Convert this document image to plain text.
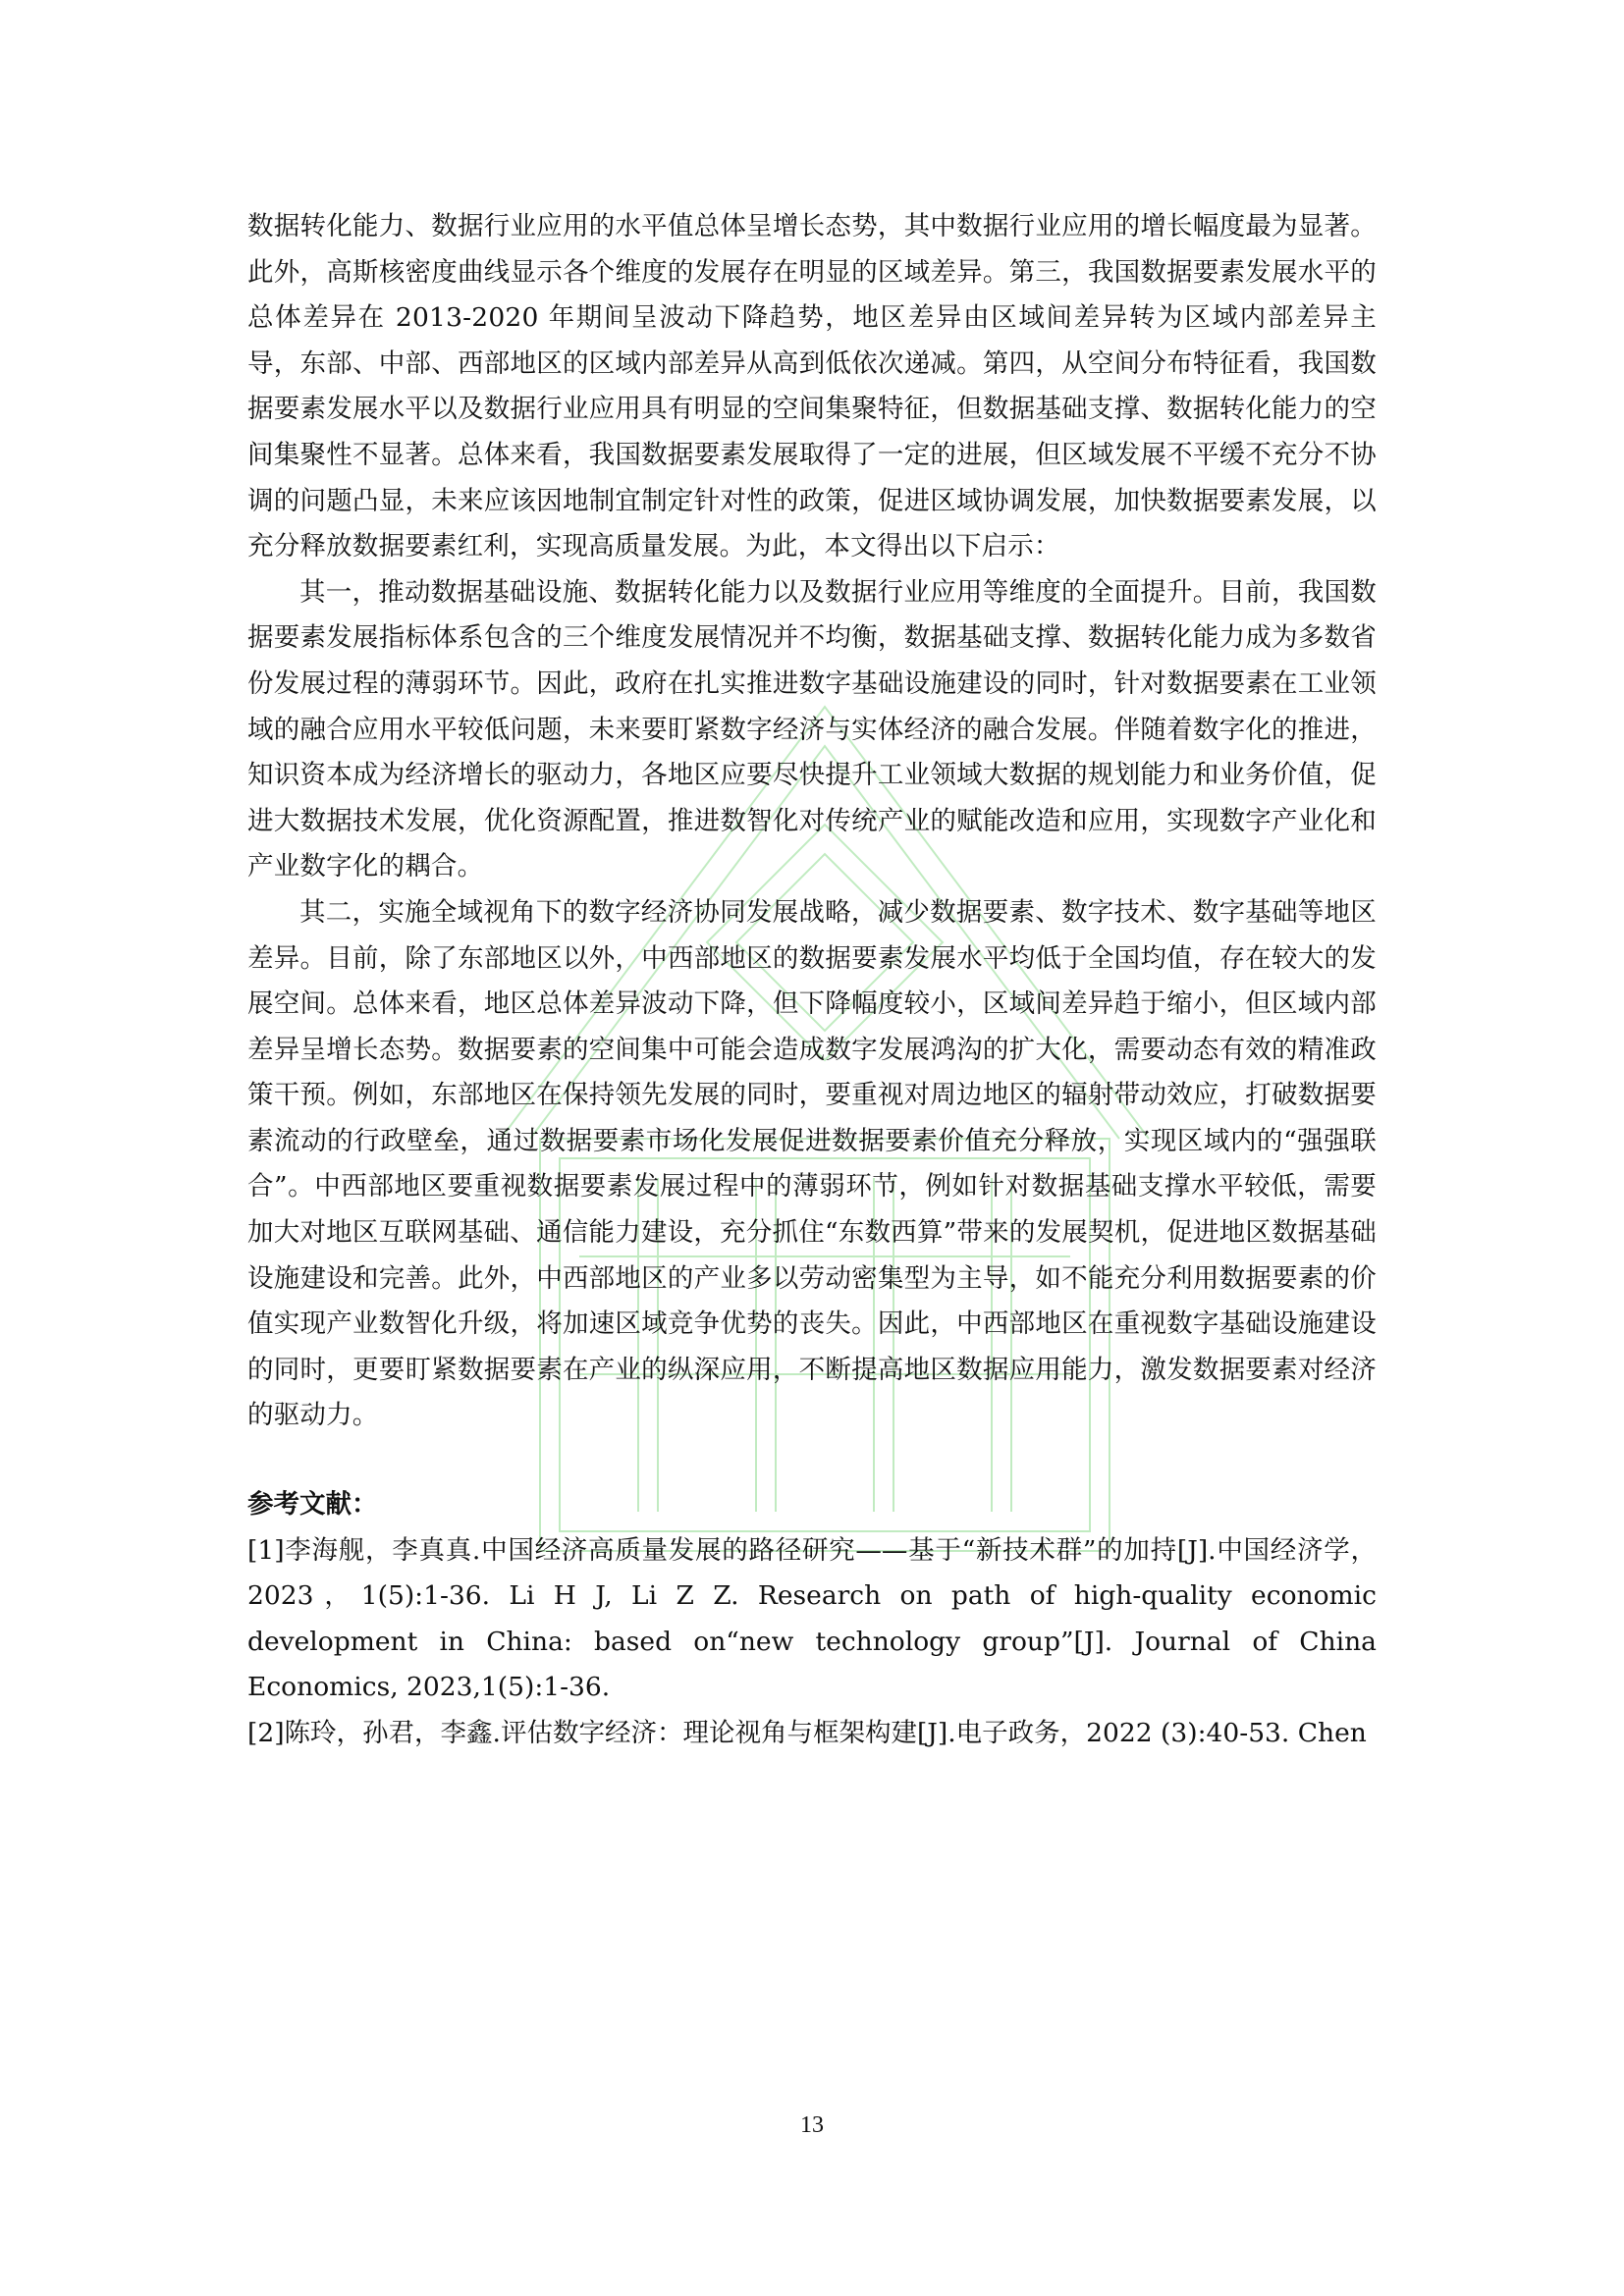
数据转化能力、数据行业应用的水平值总体呈增长态势，其中数据行业应用的增长幅度最为显著。此外，高斯核密度曲线显示各个维度的发展存在明显的区域差异。第三，我国数据要素发展水平的总体差异在 2013-2020 年期间呈波动下降趋势，地区差异由区域间差异转为区域内部差异主导，东部、中部、西部地区的区域内部差异从高到低依次递减。第四，从空间分布特征看，我国数据要素发展水平以及数据行业应用具有明显的空间集聚特征，但数据基础支撑、数据转化能力的空间集聚性不显著。总体来看，我国数据要素发展取得了一定的进展，但区域发展不平缓不充分不协调的问题凸显，未来应该因地制宜制定针对性的政策，促进区域协调发展，加快数据要素发展，以充分释放数据要素红利，实现高质量发展。为此，本文得出以下启示：

其一，推动数据基础设施、数据转化能力以及数据行业应用等维度的全面提升。目前，我国数据要素发展指标体系包含的三个维度发展情况并不均衡，数据基础支撑、数据转化能力成为多数省份发展过程的薄弱环节。因此，政府在扎实推进数字基础设施建设的同时，针对数据要素在工业领域的融合应用水平较低问题，未来要盯紧数字经济与实体经济的融合发展。伴随着数字化的推进，知识资本成为经济增长的驱动力，各地区应要尽快提升工业领域大数据的规划能力和业务价值，促进大数据技术发展，优化资源配置，推进数智化对传统产业的赋能改造和应用，实现数字产业化和产业数字化的耦合。

其二，实施全域视角下的数字经济协同发展战略，减少数据要素、数字技术、数字基础等地区差异。目前，除了东部地区以外，中西部地区的数据要素发展水平均低于全国均值，存在较大的发展空间。总体来看，地区总体差异波动下降，但下降幅度较小，区域间差异趋于缩小，但区域内部差异呈增长态势。数据要素的空间集中可能会造成数字发展鸿沟的扩大化，需要动态有效的精准政策干预。例如，东部地区在保持领先发展的同时，要重视对周边地区的辐射带动效应，打破数据要素流动的行政壁垒，通过数据要素市场化发展促进数据要素价值充分释放，实现区域内的“强强联合”。中西部地区要重视数据要素发展过程中的薄弱环节，例如针对数据基础支撑水平较低，需要加大对地区互联网基础、通信能力建设，充分抓住“东数西算”带来的发展契机，促进地区数据基础设施建设和完善。此外，中西部地区的产业多以劳动密集型为主导，如不能充分利用数据要素的价值实现产业数智化升级，将加速区域竞争优势的丧失。因此，中西部地区在重视数字基础设施建设的同时，更要盯紧数据要素在产业的纵深应用，不断提高地区数据应用能力，激发数据要素对经济的驱动力。

参考文献：

[1]李海舰，李真真.中国经济高质量发展的路径研究——基于“新技术群”的加持[J].中国经济学，2023，1(5):1-36. Li H J, Li Z Z. Research on path of high-quality economic development in China: based on“new technology group”[J]. Journal of China Economics, 2023,1(5):1-36.

[2]陈玲，孙君，李鑫.评估数字经济：理论视角与框架构建[J].电子政务，2022 (3):40-53. Chen

13
